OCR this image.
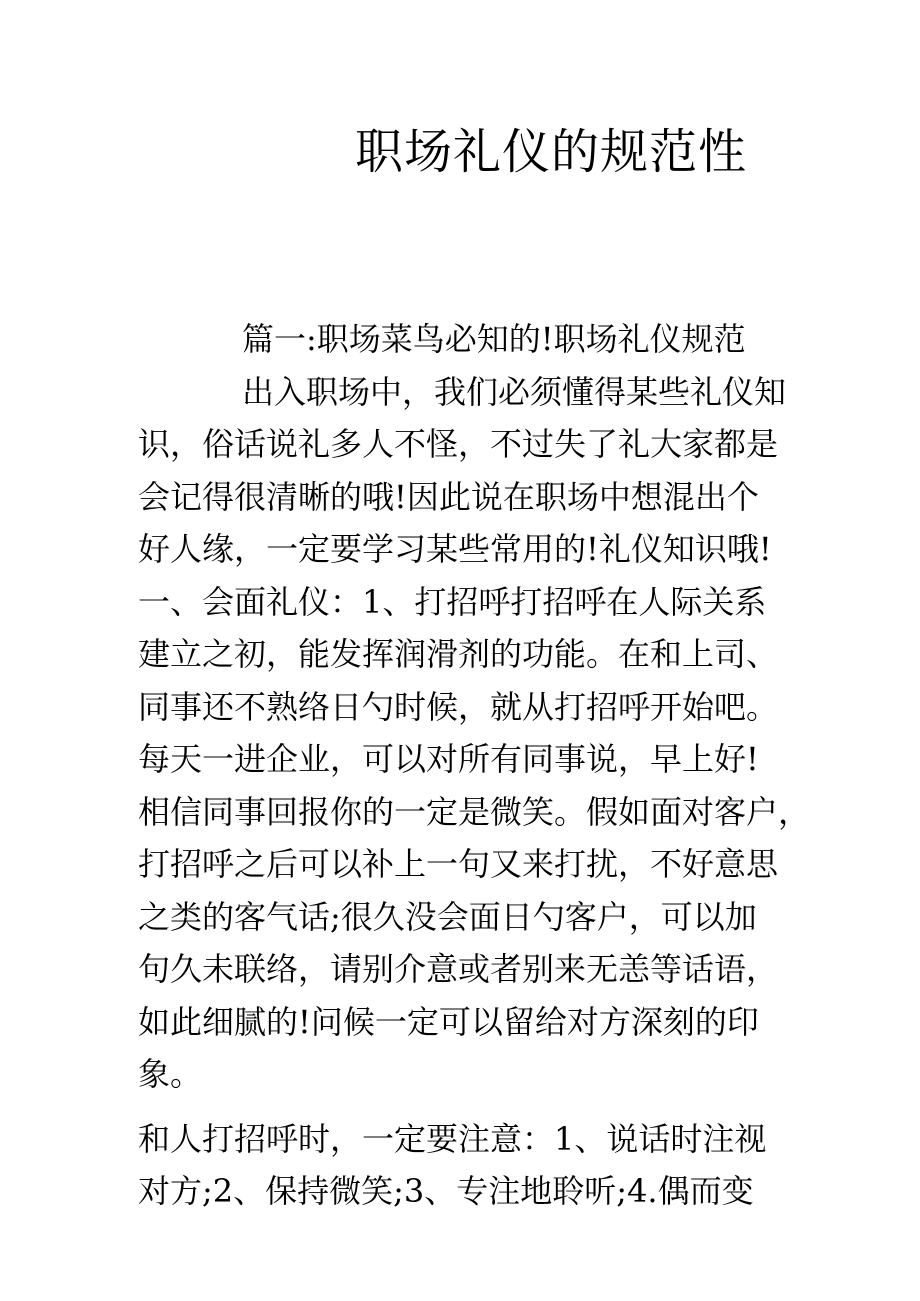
职场礼仪的规范性
篇一:职场菜鸟必知的!职场礼仪规范
出入职场中，我们必须懂得某些礼仪知
识，俗话说礼多人不怪，不过失了礼大家都是
会记得很清晰的哦!因此说在职场中想混出个
好人缘，一定要学习某些常用的!礼仪知识哦!
一、会面礼仪：1、打招呼打招呼在人际关系
建立之初，能发挥润滑剂的功能。在和上司、
同事还不熟络日勺时候，就从打招呼开始吧。
每天一进企业，可以对所有同事说，早上好!
相信同事回报你的一定是微笑。假如面对客户，
打招呼之后可以补上一句又来打扰，不好意思
之类的客气话;很久没会面日勺客户，可以加
句久未联络，请别介意或者别来无恙等话语，
如此细腻的!问候一定可以留给对方深刻的印
象。
和人打招呼时，一定要注意：1、说话时注视
对方;2、保持微笑;3、专注地聆听;4.偶而变
